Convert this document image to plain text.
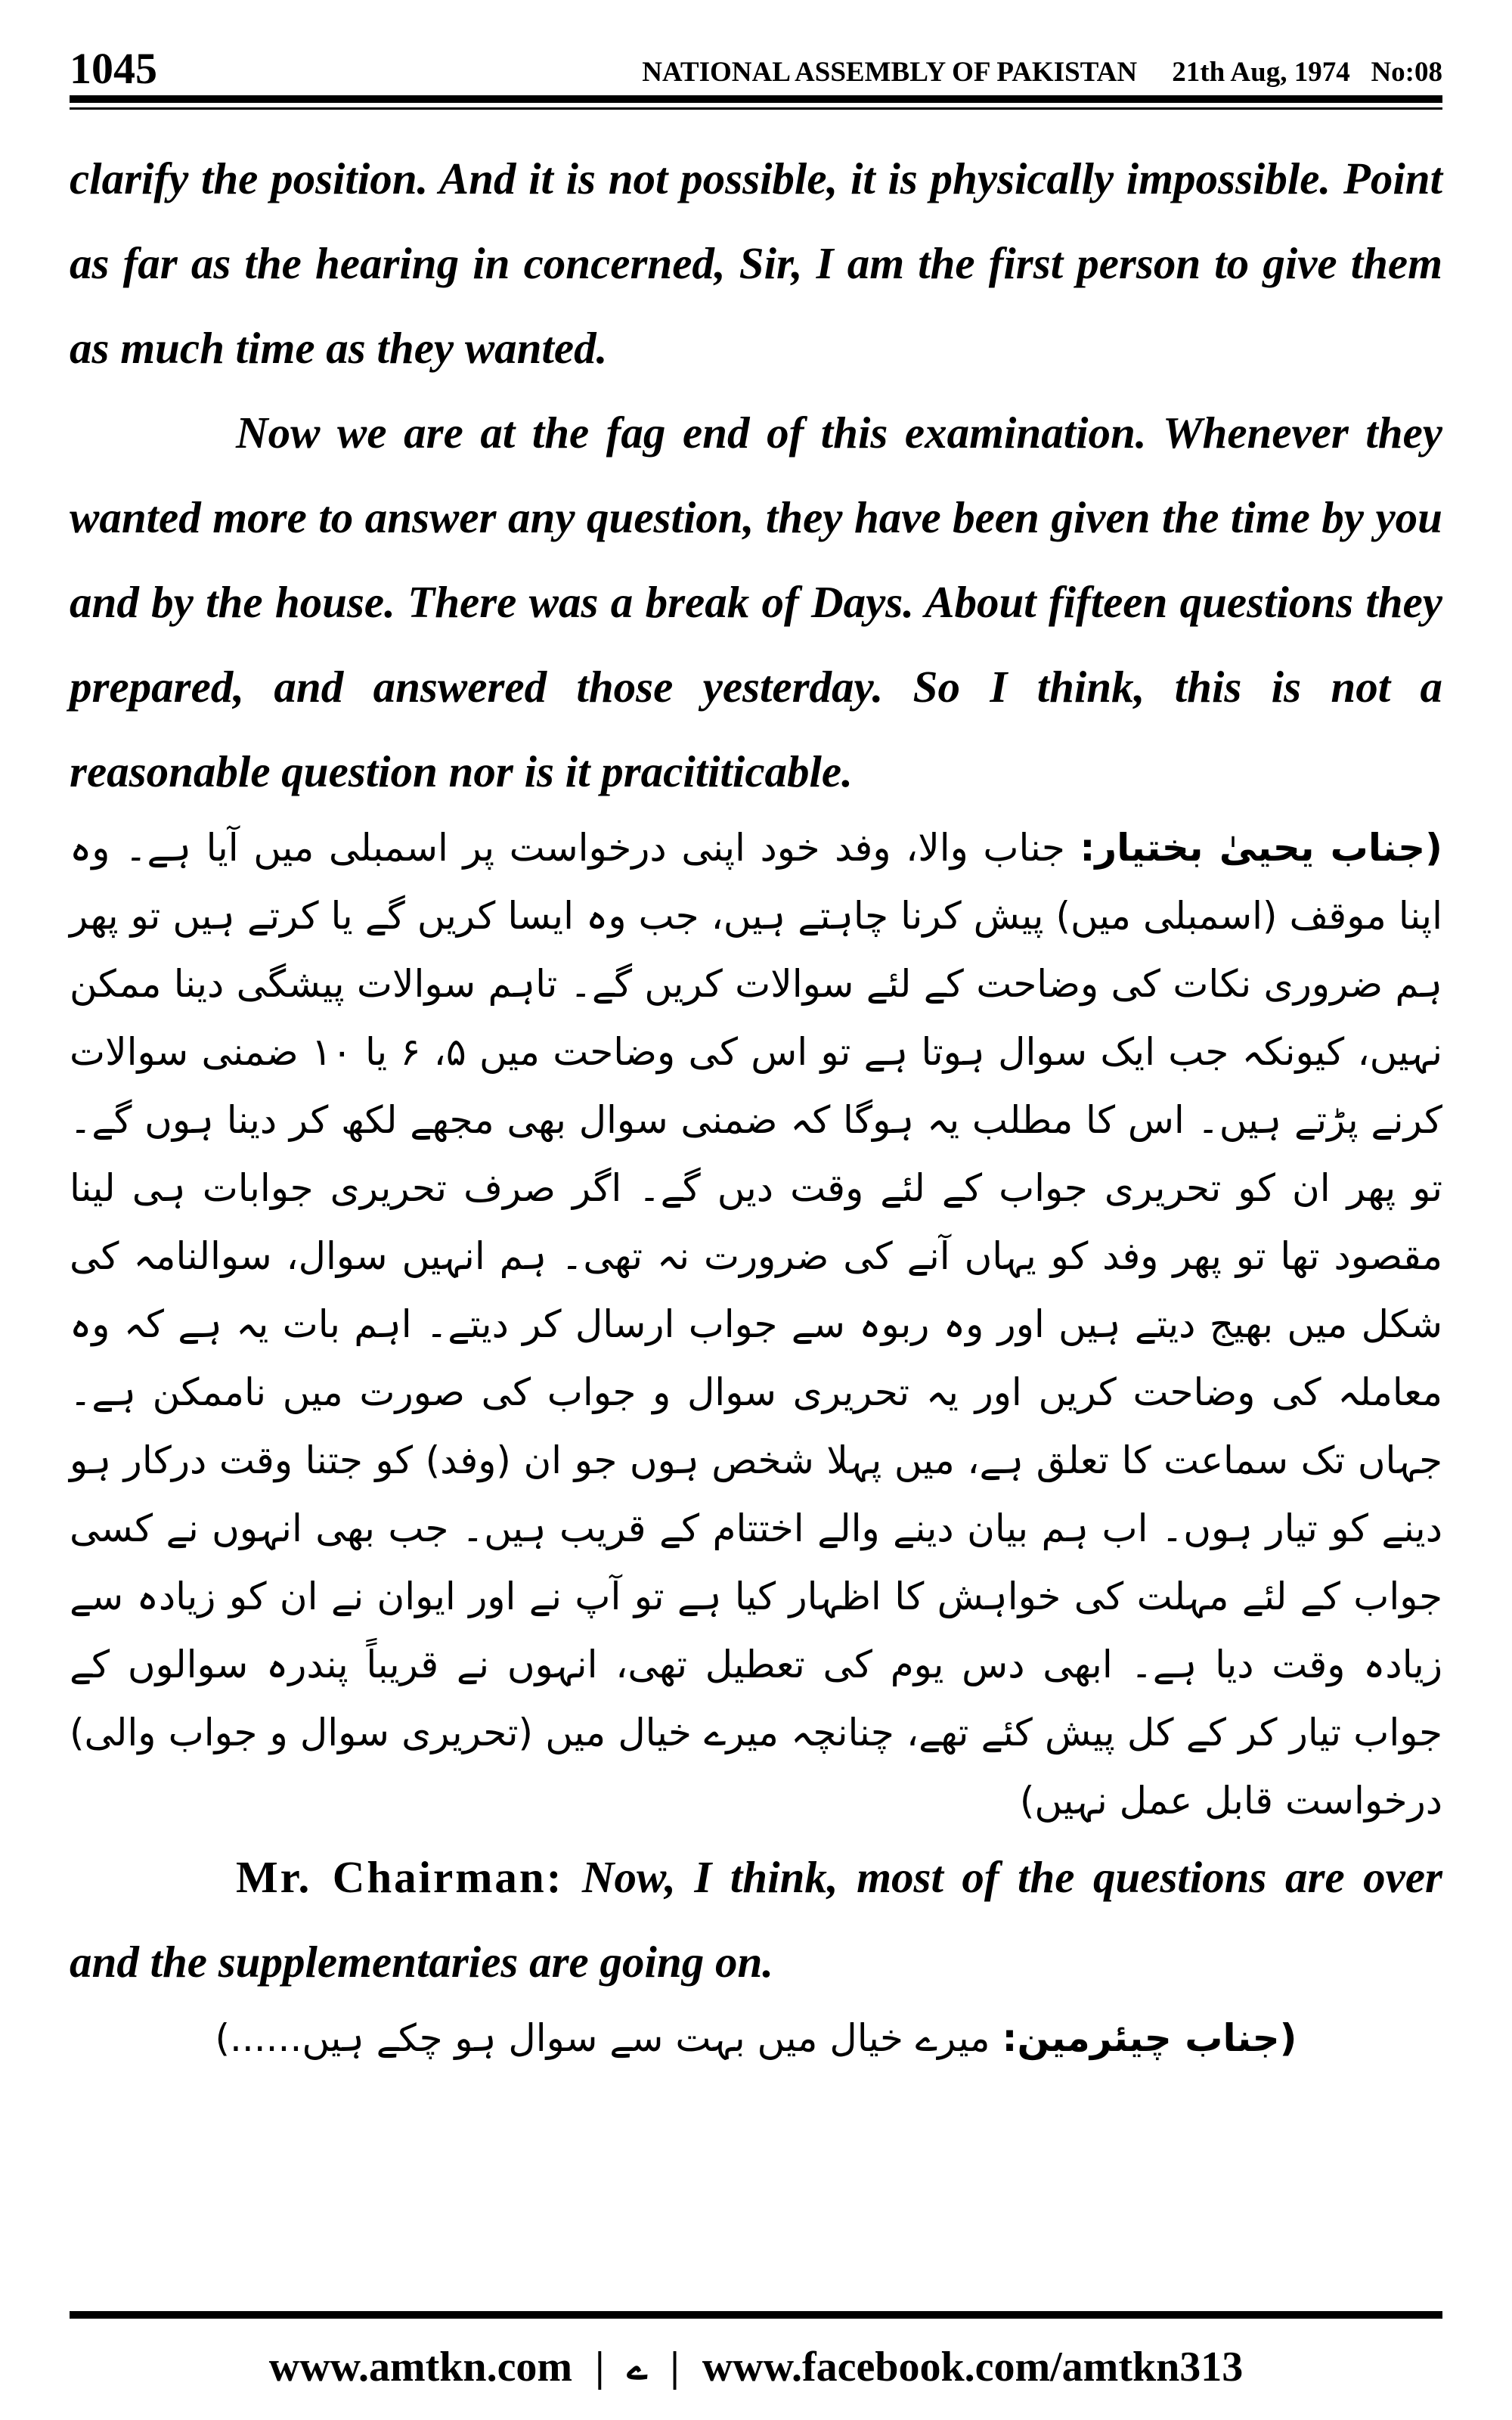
1045	NATIONAL ASSEMBLY OF PAKISTAN 21th Aug, 1974 No:08

clarify the position. And it is not possible, it is physically impossible. Point as far as the hearing in concerned, Sir, I am the first person to give them as much time as they wanted.

Now we are at the fag end of this examination. Whenever they wanted more to answer any question, they have been given the time by you and by the house. There was a break of Days. About fifteen questions they prepared, and answered those yesterday. So I think, this is not a reasonable question nor is it pracititicable.

(جناب یحییٰ بختیار: جناب والا، وفد خود اپنی درخواست پر اسمبلی میں آیا ہے۔ وہ اپنا موقف (اسمبلی میں) پیش کرنا چاہتے ہیں، جب وہ ایسا کریں گے یا کرتے ہیں تو پھر ہم ضروری نکات کی وضاحت کے لئے سوالات کریں گے۔ تاہم سوالات پیشگی دینا ممکن نہیں، کیونکہ جب ایک سوال ہوتا ہے تو اس کی وضاحت میں ۵، ۶ یا ۱۰ ضمنی سوالات کرنے پڑتے ہیں۔ اس کا مطلب یہ ہوگا کہ ضمنی سوال بھی مجھے لکھ کر دینا ہوں گے۔ تو پھر ان کو تحریری جواب کے لئے وقت دیں گے۔ اگر صرف تحریری جوابات ہی لینا مقصود تھا تو پھر وفد کو یہاں آنے کی ضرورت نہ تھی۔ ہم انہیں سوال، سوالنامہ کی شکل میں بھیج دیتے ہیں اور وہ ربوہ سے جواب ارسال کر دیتے۔ اہم بات یہ ہے کہ وہ معاملہ کی وضاحت کریں اور یہ تحریری سوال و جواب کی صورت میں ناممکن ہے۔ جہاں تک سماعت کا تعلق ہے، میں پہلا شخص ہوں جو ان (وفد) کو جتنا وقت درکار ہو دینے کو تیار ہوں۔ اب ہم بیان دینے والے اختتام کے قریب ہیں۔ جب بھی انہوں نے کسی جواب کے لئے مہلت کی خواہش کا اظہار کیا ہے تو آپ نے اور ایوان نے ان کو زیادہ سے زیادہ وقت دیا ہے۔ ابھی دس یوم کی تعطیل تھی، انہوں نے قریباً پندرہ سوالوں کے جواب تیار کر کے کل پیش کئے تھے، چنانچہ میرے خیال میں (تحریری سوال و جواب والی) درخواست قابل عمل نہیں)

Mr. Chairman: Now, I think, most of the questions are over and the supplementaries are going on.

(جناب چیئرمین: میرے خیال میں بہت سے سوال ہو چکے ہیں......)

www.amtkn.com | ے | www.facebook.com/amtkn313
